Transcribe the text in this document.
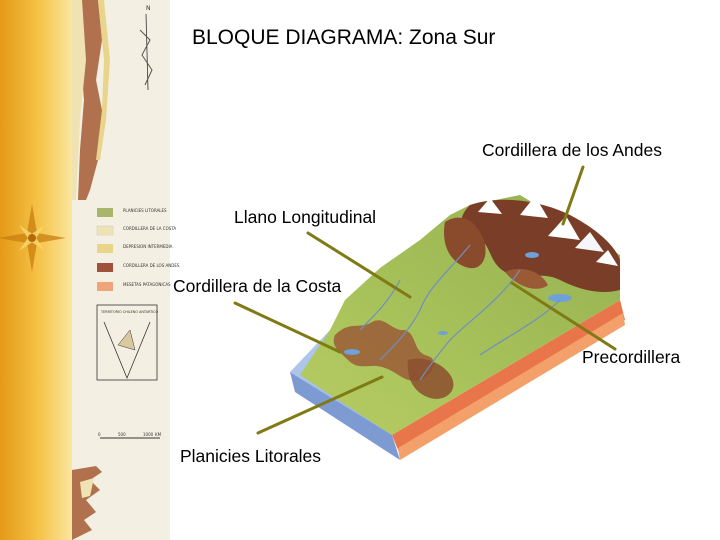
N
PLANICIES LITORALES
CORDILLERA DE LA COSTA
DEPRESION INTERMEDIA
CORDILLERA DE LOS ANDES
MESETAS PATAGONICAS
TERRITORIO CHILENO ANTARTICO
0	500	1000 KM
BLOQUE DIAGRAMA: Zona Sur
Cordillera de los Andes
Llano Longitudinal
Cordillera de la Costa
Precordillera
Planicies Litorales
